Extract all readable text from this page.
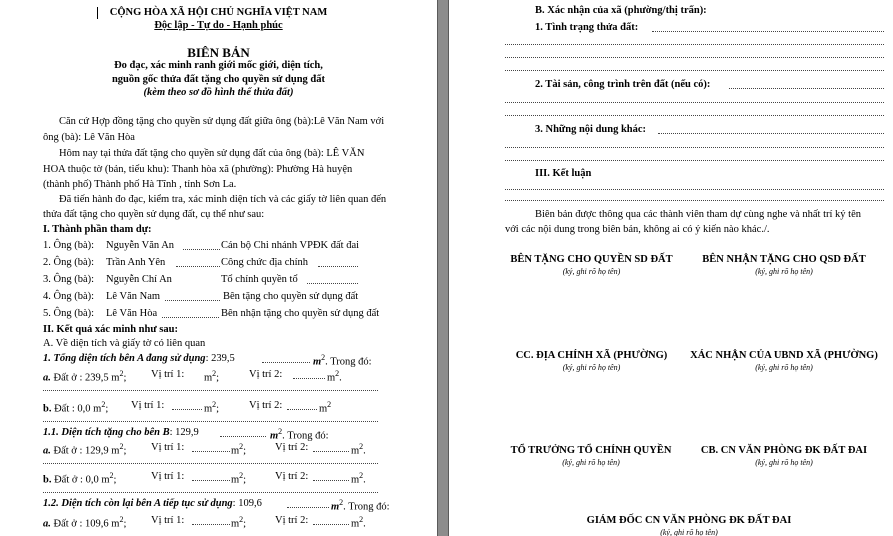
CỘNG HÒA XÃ HỘI CHỦ NGHĨA VIỆT NAM
Độc lập - Tự do - Hạnh phúc
BIÊN BẢN
Đo đạc, xác minh ranh giới mốc giới, diện tích,
nguồn gốc thửa đất tặng cho quyền sử dụng đất
(kèm theo sơ đồ hình thể thửa đất)
Căn cứ Hợp đồng tặng cho quyền sử dụng đất giữa ông (bà):Lê Văn Nam với
ông (bà): Lê Văn Hòa
Hôm nay tại thửa đất tặng cho quyền sử dụng đất của ông (bà): LÊ VĂN
HOA thuộc tờ (bản, tiểu khu): Thanh hòa xã (phường): Phường Hà huyện
(thành phố) Thành phố Hà Tĩnh , tỉnh Sơn La.
Đã tiến hành đo đạc, kiểm tra, xác minh diện tích và các giấy tờ liên quan đến
thửa đất tặng cho quyền sử dụng đất, cụ thể như sau:
I. Thành phần tham dự:
1. Ông (bà): Nguyễn Văn An	Cán bộ Chi nhánh VPĐK đất đai
2. Ông (bà): Trần Anh Yên	Công chức địa chính
3. Ông (bà): Nguyễn Chí An	Tổ chính quyền tổ
4. Ông (bà): Lê Văn Nam	Bên tặng cho quyền sử dụng đất
5. Ông (bà): Lê Văn Hòa	Bên nhận tặng cho quyền sử dụng đất
II. Kết quả xác minh như sau:
A. Về diện tích và giấy tờ có liên quan
1. Tổng diện tích bên A đang sử dụng: 239,5	$m^2$. Trong đó:
a. Đất ở : 239,5 $m^2$; Vị trí 1: $m^2$;	Vị trí 2:	$m^2$.
b. Đất : 0,0 $m^2$; Vị trí 1:	$m^2$;	Vị trí 2:	$m^2$
1.1. Diện tích tặng cho bên B: 129,9	$m^2$. Trong đó:
a. Đất ở : 129,9 $m^2$; Vị trí 1:	$m^2$;	Vị trí 2:	$m^2$.
b. Đất ở : 0,0 $m^2$;	Vị trí 1:	$m^2$;	Vị trí 2:	$m^2$.
1.2. Diện tích còn lại bên A tiếp tục sử dụng: 109,6	$m^2$. Trong đó:
a. Đất ở : 109,6 $m^2$; Vị trí 1:	$m^2$;	Vị trí 2:	$m^2$.
B. Xác nhận của xã (phường/thị trấn):
1. Tình trạng thửa đất:
2. Tài sản, công trình trên đất (nếu có):
3. Những nội dung khác:
III. Kết luận
Biên bản được thông qua các thành viên tham dự cùng nghe và nhất trí ký tên
với các nội dung trong biên bản, không ai có ý kiến nào khác./.
BÊN TẶNG CHO QUYỀN SD ĐẤT
(ký, ghi rõ họ tên)
BÊN NHẬN TẶNG CHO QSD ĐẤT
(ký, ghi rõ họ tên)
CC. ĐỊA CHÍNH XÃ (PHƯỜNG)
(ký, ghi rõ họ tên)
XÁC NHẬN CỦA UBND XÃ (PHƯỜNG)
(ký, ghi rõ họ tên)
TỔ TRƯỞNG TỔ CHÍNH QUYỀN
(ký, ghi rõ họ tên)
CB. CN VĂN PHÒNG ĐK ĐẤT ĐAI
(ký, ghi rõ họ tên)
GIÁM ĐỐC CN VĂN PHÒNG ĐK ĐẤT ĐAI
(ký, ghi rõ họ tên)
